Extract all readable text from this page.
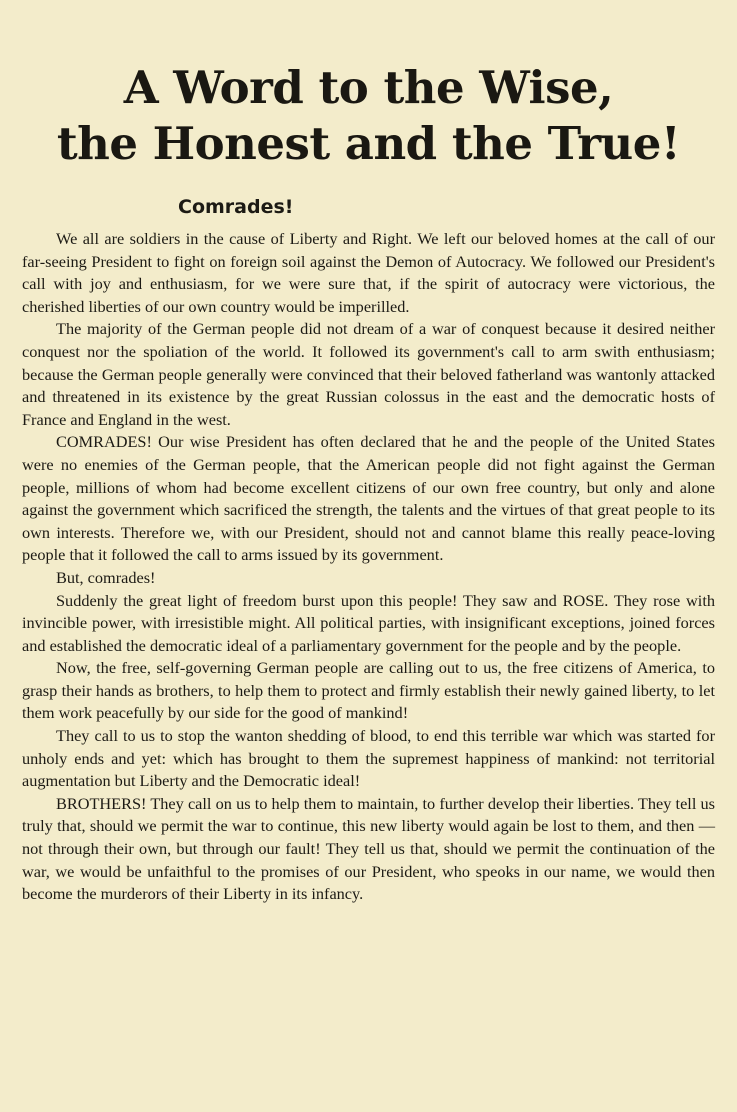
A Word to the Wise,
the Honest and the True!
Comrades!

We all are soldiers in the cause of Liberty and Right. We left our beloved homes at the call of our far-seeing President to fight on foreign soil against the Demon of Autocracy. We followed our President's call with joy and enthusiasm, for we were sure that, if the spirit of autocracy were victorious, the cherished liberties of our own country would be imperilled.

The majority of the German people did not dream of a war of conquest because it desired neither conquest nor the spoliation of the world. It followed its government's call to arm swith enthusiasm; because the German people generally were convinced that their beloved fatherland was wantonly attacked and threatened in its existence by the great Russian colossus in the east and the democratic hosts of France and England in the west.

COMRADES! Our wise President has often declared that he and the people of the United States were no enemies of the German people, that the American people did not fight against the German people, millions of whom had become excellent citizens of our own free country, but only and alone against the government which sacrificed the strength, the talents and the virtues of that great people to its own interests. Therefore we, with our President, should not and cannot blame this really peace-loving people that it followed the call to arms issued by its government.

But, comrades!

Suddenly the great light of freedom burst upon this people! They saw and ROSE. They rose with invincible power, with irresistible might. All political parties, with insignificant exceptions, joined forces and established the democratic ideal of a parliamentary government for the people and by the people.

Now, the free, self-governing German people are calling out to us, the free citizens of America, to grasp their hands as brothers, to help them to protect and firmly establish their newly gained liberty, to let them work peacefully by our side for the good of mankind!

They call to us to stop the wanton shedding of blood, to end this terrible war which was started for unholy ends and yet: which has brought to them the supremest happiness of mankind: not territorial augmentation but Liberty and the Democratic ideal!

BROTHERS! They call on us to help them to maintain, to further develop their liberties. They tell us truly that, should we permit the war to continue, this new liberty would again be lost to them, and then — not through their own, but through our fault! They tell us that, should we permit the continuation of the war, we would be unfaithful to the promises of our President, who speoks in our name, we would then become the murderors of their Liberty in its infancy.
